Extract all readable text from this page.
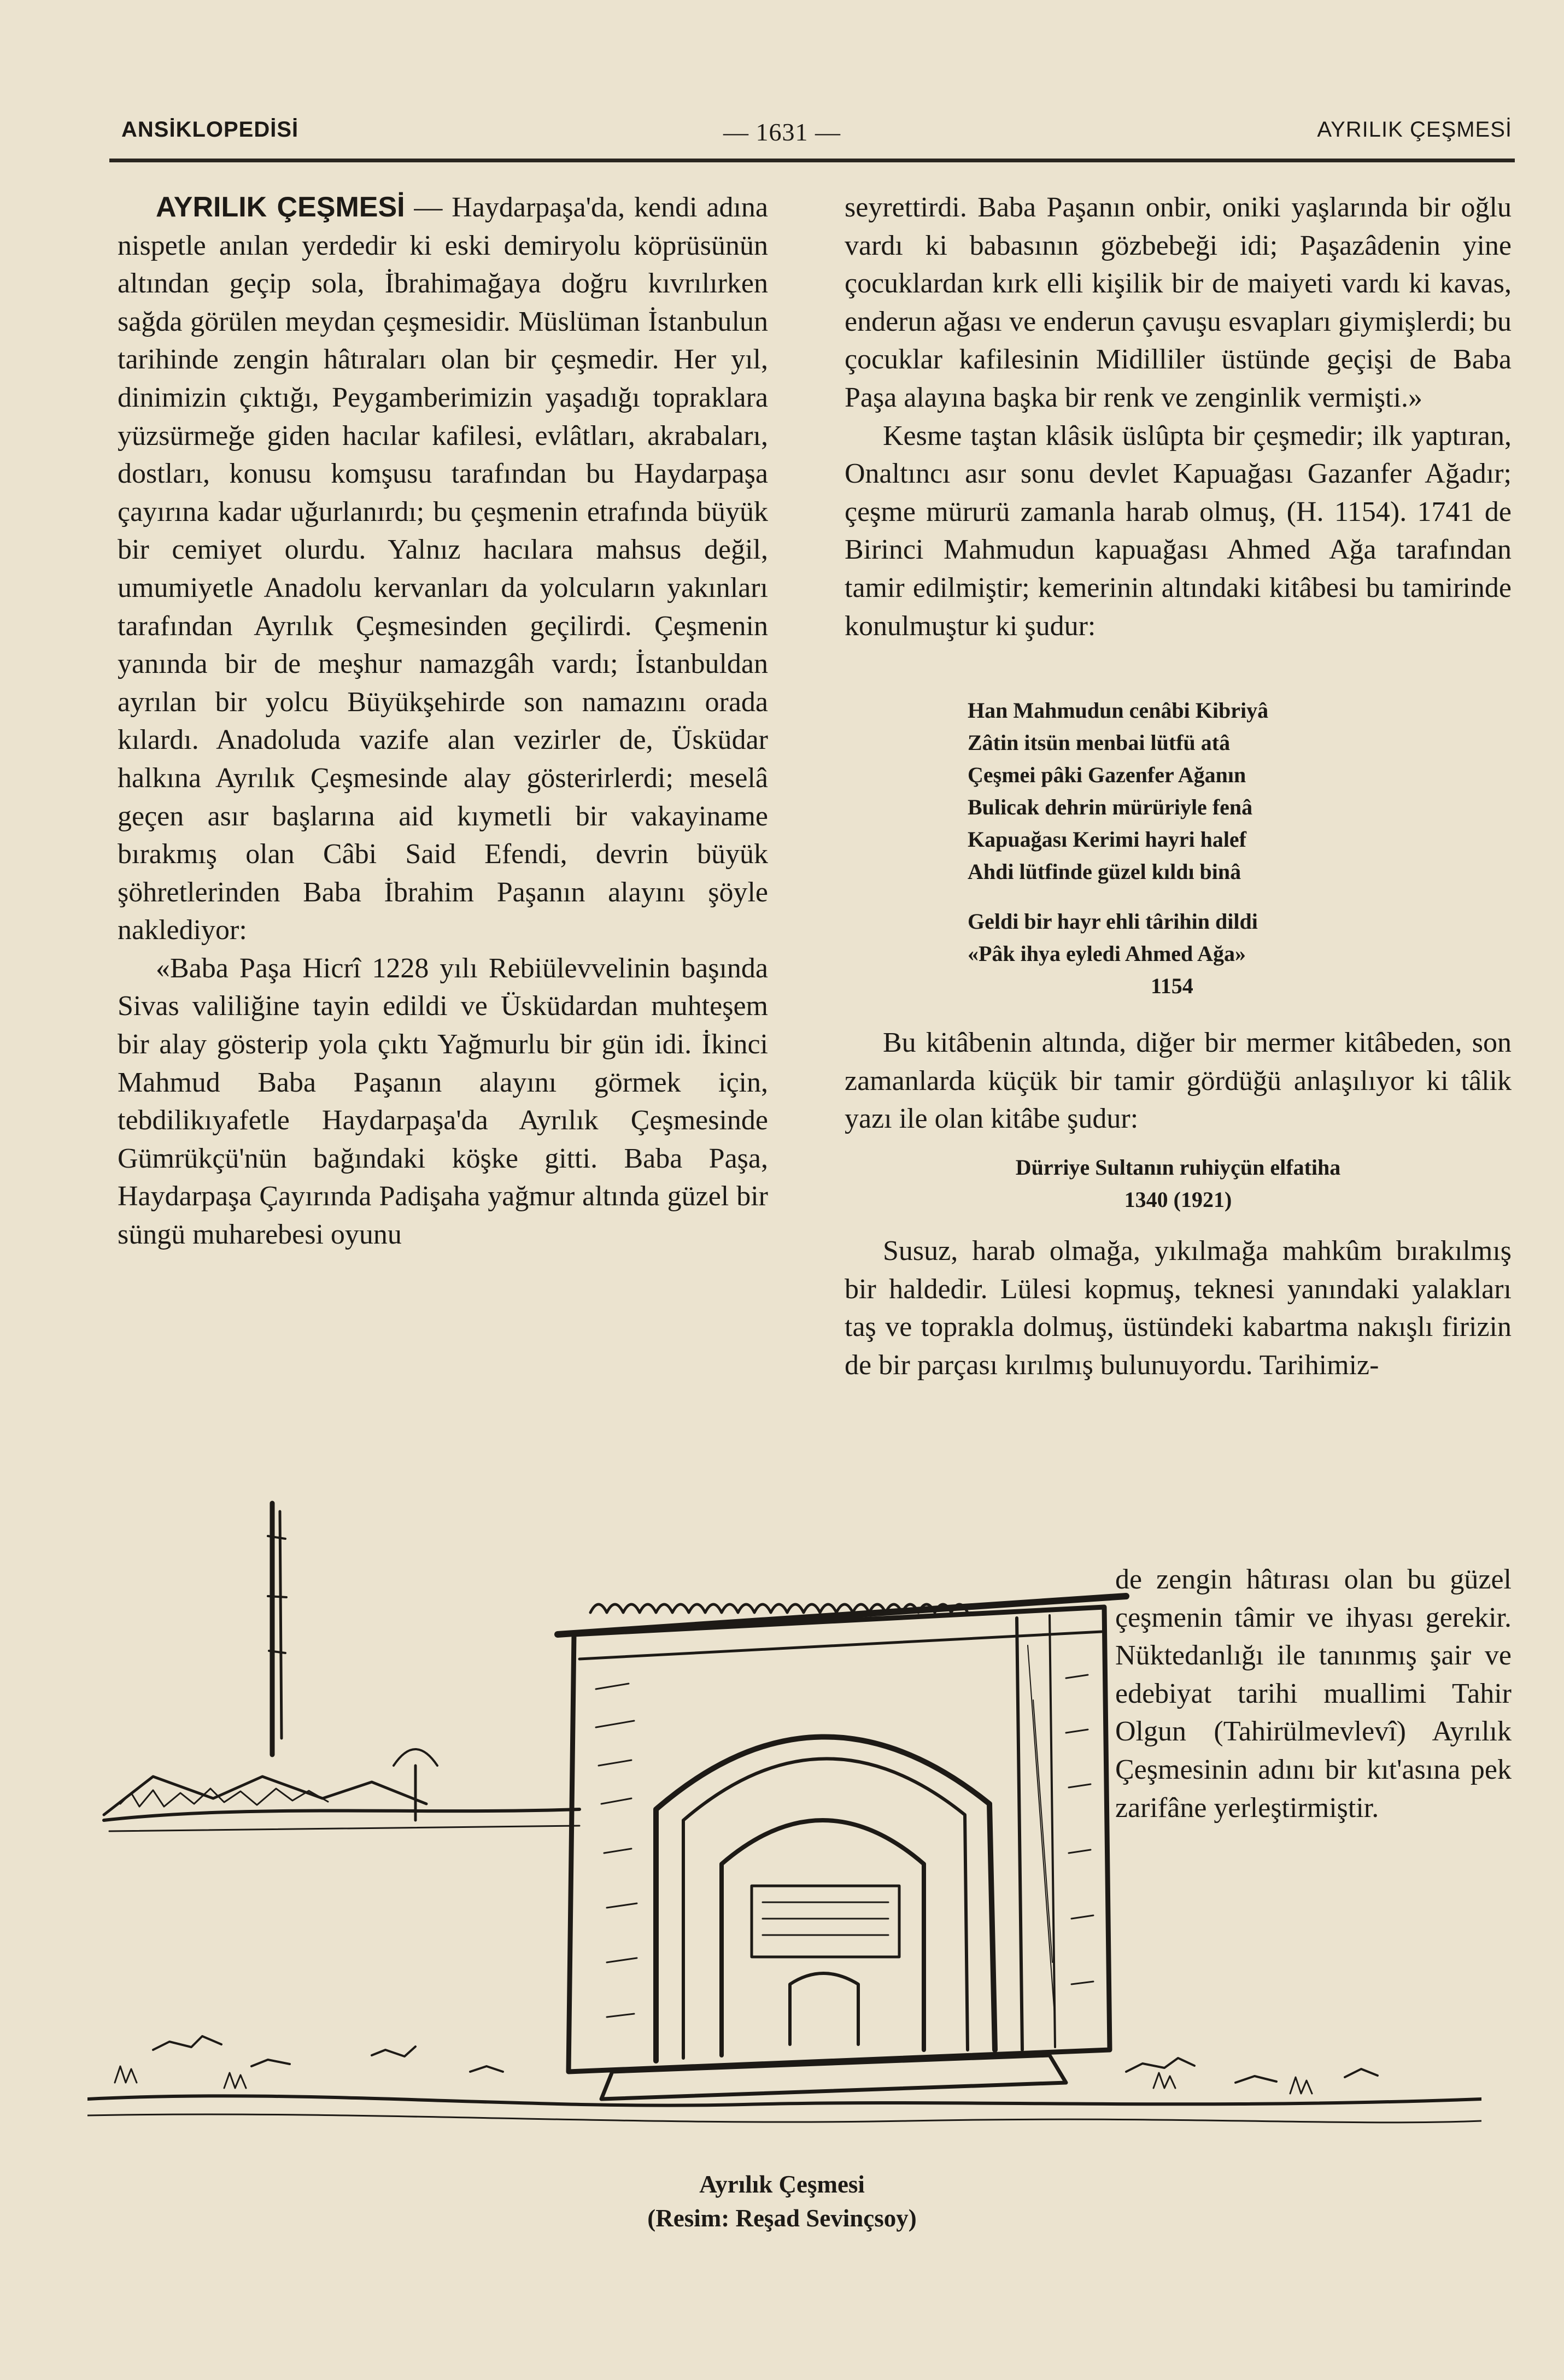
ANSİKLOPEDİSİ	— 1631 —	AYRILIK ÇEŞMESİ

AYRILIK ÇEŞMESİ — Haydarpaşa'da, kendi adına nispetle anılan yerdedir ki eski demiryolu köprüsünün altından geçip sola, İbrahimağaya doğru kıvrılırken sağda görülen meydan çeşmesidir. Müslüman İstanbulun tarihinde zengin hâtıraları olan bir çeşmedir. Her yıl, dinimizin çıktığı, Peygamberimizin yaşadığı topraklara yüzsürmeğe giden hacılar kafilesi, evlâtları, akrabaları, dostları, konusu komşusu tarafından bu Haydarpaşa çayırına kadar uğurlanırdı; bu çeşmenin etrafında büyük bir cemiyet olurdu. Yalnız hacılara mahsus değil, umumiyetle Anadolu kervanları da yolcuların yakınları tarafından Ayrılık Çeşmesinden geçilirdi. Çeşmenin yanında bir de meşhur namazgâh vardı; İstanbuldan ayrılan bir yolcu Büyükşehirde son namazını orada kılardı. Anadoluda vazife alan vezirler de, Üsküdar halkına Ayrılık Çeşmesinde alay gösterirlerdi; meselâ geçen asır başlarına aid kıymetli bir vakayiname bırakmış olan Câbi Said Efendi, devrin büyük şöhretlerinden Baba İbrahim Paşanın alayını şöyle naklediyor:

«Baba Paşa Hicrî 1228 yılı Rebiülevvelinin başında Sivas valiliğine tayin edildi ve Üsküdardan muhteşem bir alay gösterip yola çıktı Yağmurlu bir gün idi. İkinci Mahmud Baba Paşanın alayını görmek için, tebdilikıyafetle Haydarpaşa'da Ayrılık Çeşmesinde Gümrükçü'nün bağındaki köşke gitti. Baba Paşa, Haydarpaşa Çayırında Padişaha yağmur altında güzel bir süngü muharebesi oyunu

seyrettirdi. Baba Paşanın onbir, oniki yaşlarında bir oğlu vardı ki babasının gözbebeği idi; Paşazâdenin yine çocuklardan kırk elli kişilik bir de maiyeti vardı ki kavas, enderun ağası ve enderun çavuşu esvapları giymişlerdi; bu çocuklar kafilesinin Midilliler üstünde geçişi de Baba Paşa alayına başka bir renk ve zenginlik vermişti.»

Kesme taştan klâsik üslûpta bir çeşmedir; ilk yaptıran, Onaltıncı asır sonu devlet Kapuağası Gazanfer Ağadır; çeşme mürurü zamanla harab olmuş, (H. 1154). 1741 de Birinci Mahmudun kapuağası Ahmed Ağa tarafından tamir edilmiştir; kemerinin altındaki kitâbesi bu tamirinde konulmuştur ki şudur:

Han Mahmudun cenâbi Kibriyâ
Zâtin itsün menbai lütfü atâ
Çeşmei pâki Gazenfer Ağanın
Bulicak dehrin mürüriyle fenâ
Kapuağası Kerimi hayri halef
Ahdi lütfinde güzel kıldı binâ
Geldi bir hayr ehli târihin dildi
«Pâk ihya eyledi Ahmed Ağa»
1154

Bu kitâbenin altında, diğer bir mermer kitâbeden, son zamanlarda küçük bir tamir gördüğü anlaşılıyor ki tâlik yazı ile olan kitâbe şudur:

Dürriye Sultanın ruhiyçün elfatiha
1340 (1921)

Susuz, harab olmağa, yıkılmağa mahkûm bırakılmış bir haldedir. Lülesi kopmuş, teknesi yanındaki yalakları taş ve toprakla dolmuş, üstündeki kabartma nakışlı firizin de bir parçası kırılmış bulunuyordu. Tarihimiz-

de zengin hâtırası olan bu güzel çeşmenin tâmir ve ihyası gerekir. Nüktedanlığı ile tanınmış şair ve edebiyat tarihi muallimi Tahir Olgun (Tahirülmevlevî) Ayrılık Çeşmesinin adını bir kıt'asına pek zarifâne yerleştirmiştir.

Ayrılık Çeşmesi
(Resim: Reşad Sevinçsoy)
